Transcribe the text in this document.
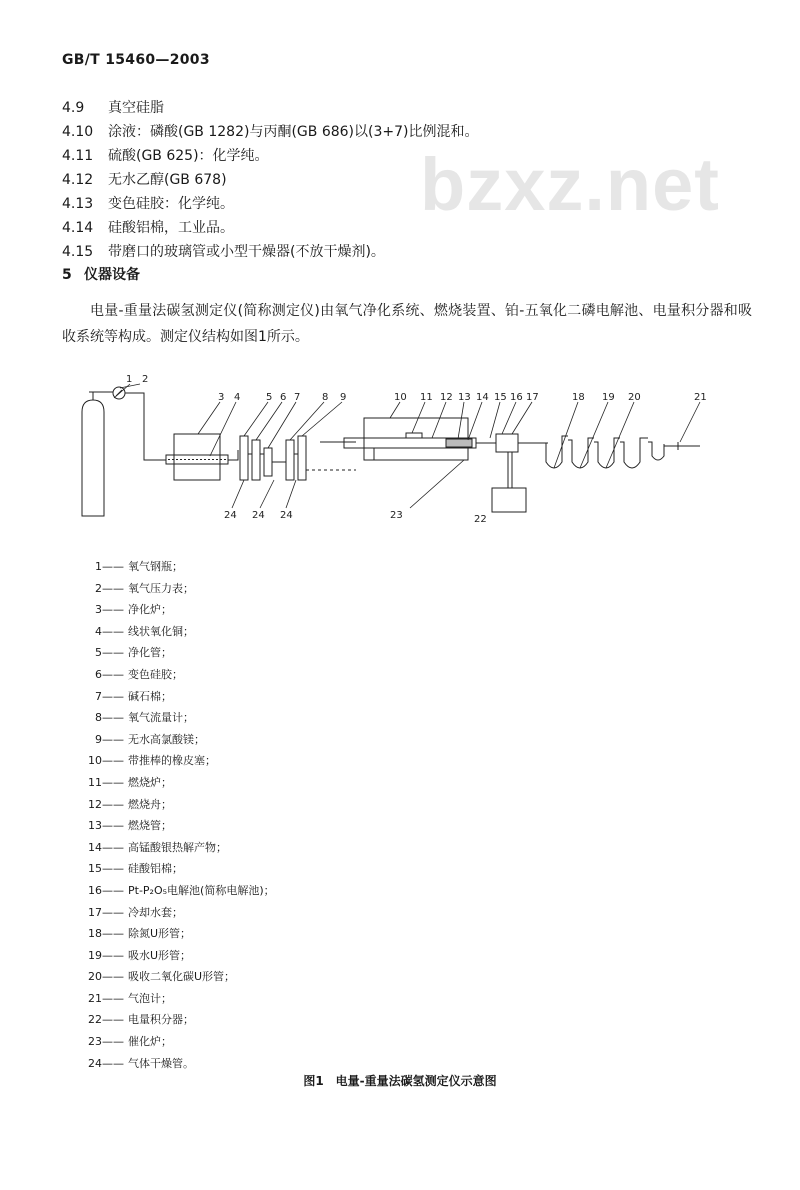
GB/T 15460—2003
bzxz.net
4.9 真空硅脂
4.10 涂液：磷酸(GB 1282)与丙酮(GB 686)以(3+7)比例混和。
4.11 硫酸(GB 625)：化学纯。
4.12 无水乙醇(GB 678)
4.13 变色硅胶：化学纯。
4.14 硅酸铝棉，工业品。
4.15 带磨口的玻璃管或小型干燥器(不放干燥剂)。
5 仪器设备
电量-重量法碳氢测定仪(简称测定仪)由氧气净化系统、燃烧装置、铂-五氧化二磷电解池、电量积分器和吸收系统等构成。测定仪结构如图1所示。
1 2
3 4	5 6 7 8 9	10 11 12 13 14 15 16 17	18 19 20	21
22
23
24 24 24
1—— 氧气钢瓶；
2—— 氧气压力表；
3—— 净化炉；
4—— 线状氧化铜；
5—— 净化管；
6—— 变色硅胶；
7—— 碱石棉；
8—— 氧气流量计；
9—— 无水高氯酸镁；
10—— 带推棒的橡皮塞；
11—— 燃烧炉；
12—— 燃烧舟；
13—— 燃烧管；
14—— 高锰酸银热解产物；
15—— 硅酸铝棉；
16—— Pt-P₂O₅电解池(简称电解池)；
17—— 冷却水套；
18—— 除氮U形管；
19—— 吸水U形管；
20—— 吸收二氧化碳U形管；
21—— 气泡计；
22—— 电量积分器；
23—— 催化炉；
24—— 气体干燥管。
图1　电量-重量法碳氢测定仪示意图
